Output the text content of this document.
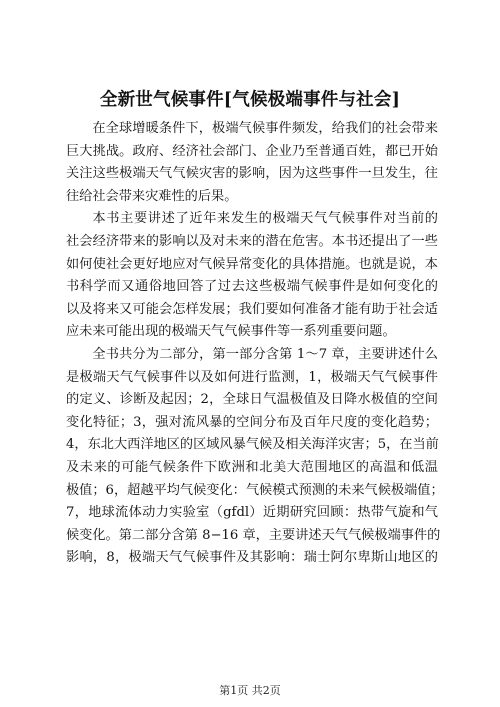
全新世气候事件[气候极端事件与社会]

在全球增暖条件下，极端气候事件频发，给我们的社会带来
巨大挑战。政府、经济社会部门、企业乃至普通百姓，都已开始
关注这些极端天气气候灾害的影响，因为这些事件一旦发生，往
往给社会带来灾难性的后果。

本书主要讲述了近年来发生的极端天气气候事件对当前的
社会经济带来的影响以及对未来的潜在危害。本书还提出了一些
如何使社会更好地应对气候异常变化的具体措施。也就是说，本
书科学而又通俗地回答了过去这些极端气候事件是如何变化的
以及将来又可能会怎样发展；我们要如何准备才能有助于社会适
应未来可能出现的极端天气气候事件等一系列重要问题。

全书共分为二部分，第一部分含第 1～7 章，主要讲述什么
是极端天气气候事件以及如何进行监测，1，极端天气气候事件
的定义、诊断及起因；2，全球日气温极值及日降水极值的空间
变化特征；3，强对流风暴的空间分布及百年尺度的变化趋势；
4，东北大西洋地区的区域风暴气候及相关海洋灾害；5，在当前
及未来的可能气候条件下欧洲和北美大范围地区的高温和低温
极值；6，超越平均气候变化：气候模式预测的未来气候极端值；
7，地球流体动力实验室（gfdl）近期研究回顾：热带气旋和气
候变化。第二部分含第 8−16 章，主要讲述天气气候极端事件的
影响，8，极端天气气候事件及其影响：瑞士阿尔卑斯山地区的

第1页 共2页
